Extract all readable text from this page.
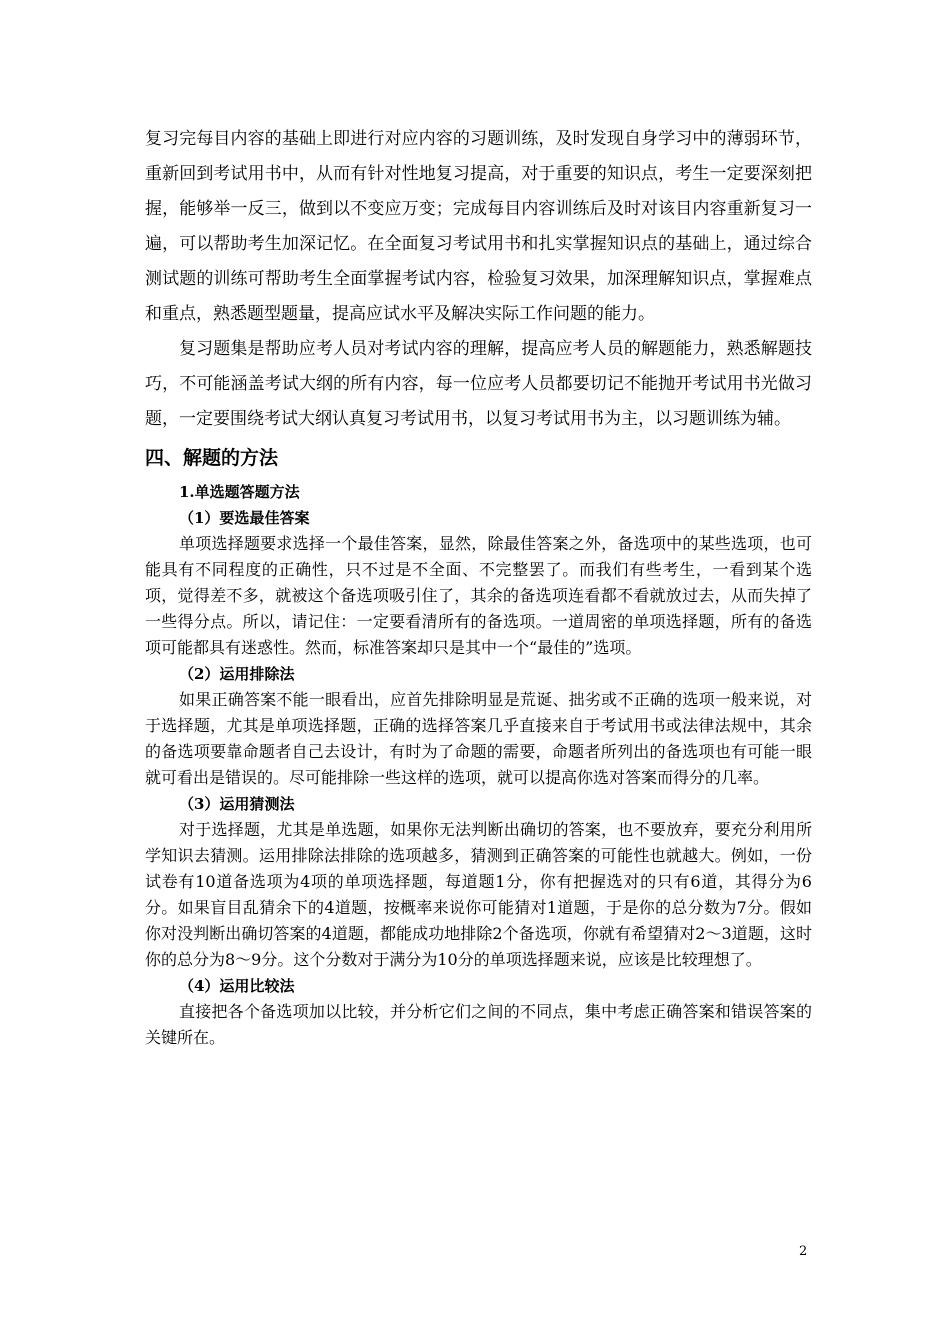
复习完每目内容的基础上即进行对应内容的习题训练，及时发现自身学习中的薄弱环节，重新回到考试用书中，从而有针对性地复习提高，对于重要的知识点，考生一定要深刻把握，能够举一反三，做到以不变应万变；完成每目内容训练后及时对该目内容重新复习一遍，可以帮助考生加深记忆。在全面复习考试用书和扎实掌握知识点的基础上，通过综合测试题的训练可帮助考生全面掌握考试内容，检验复习效果，加深理解知识点，掌握难点和重点，熟悉题型题量，提高应试水平及解决实际工作问题的能力。

复习题集是帮助应考人员对考试内容的理解，提高应考人员的解题能力，熟悉解题技巧，不可能涵盖考试大纲的所有内容，每一位应考人员都要切记不能抛开考试用书光做习题，一定要围绕考试大纲认真复习考试用书，以复习考试用书为主，以习题训练为辅。

四、解题的方法
1.单选题答题方法
（1）要选最佳答案

单项选择题要求选择一个最佳答案，显然，除最佳答案之外，备选项中的某些选项，也可能具有不同程度的正确性，只不过是不全面、不完整罢了。而我们有些考生，一看到某个选项，觉得差不多，就被这个备选项吸引住了，其余的备选项连看都不看就放过去，从而失掉了一些得分点。所以，请记住：一定要看清所有的备选项。一道周密的单项选择题，所有的备选项可能都具有迷惑性。然而，标准答案却只是其中一个“最佳的”选项。

（2）运用排除法

如果正确答案不能一眼看出，应首先排除明显是荒诞、拙劣或不正确的选项一般来说，对于选择题，尤其是单项选择题，正确的选择答案几乎直接来自于考试用书或法律法规中，其余的备选项要靠命题者自己去设计，有时为了命题的需要，命题者所列出的备选项也有可能一眼就可看出是错误的。尽可能排除一些这样的选项，就可以提高你选对答案而得分的几率。

（3）运用猜测法

对于选择题，尤其是单选题，如果你无法判断出确切的答案，也不要放弃，要充分利用所学知识去猜测。运用排除法排除的选项越多，猜测到正确答案的可能性也就越大。例如，一份试卷有10道备选项为4项的单项选择题，每道题1分，你有把握选对的只有6道，其得分为6分。如果盲目乱猜余下的4道题，按概率来说你可能猜对1道题，于是你的总分数为7分。假如你对没判断出确切答案的4道题，都能成功地排除2个备选项，你就有希望猜对2～3道题，这时你的总分为8～9分。这个分数对于满分为10分的单项选择题来说，应该是比较理想了。

（4）运用比较法

直接把各个备选项加以比较，并分析它们之间的不同点，集中考虑正确答案和错误答案的关键所在。

2
